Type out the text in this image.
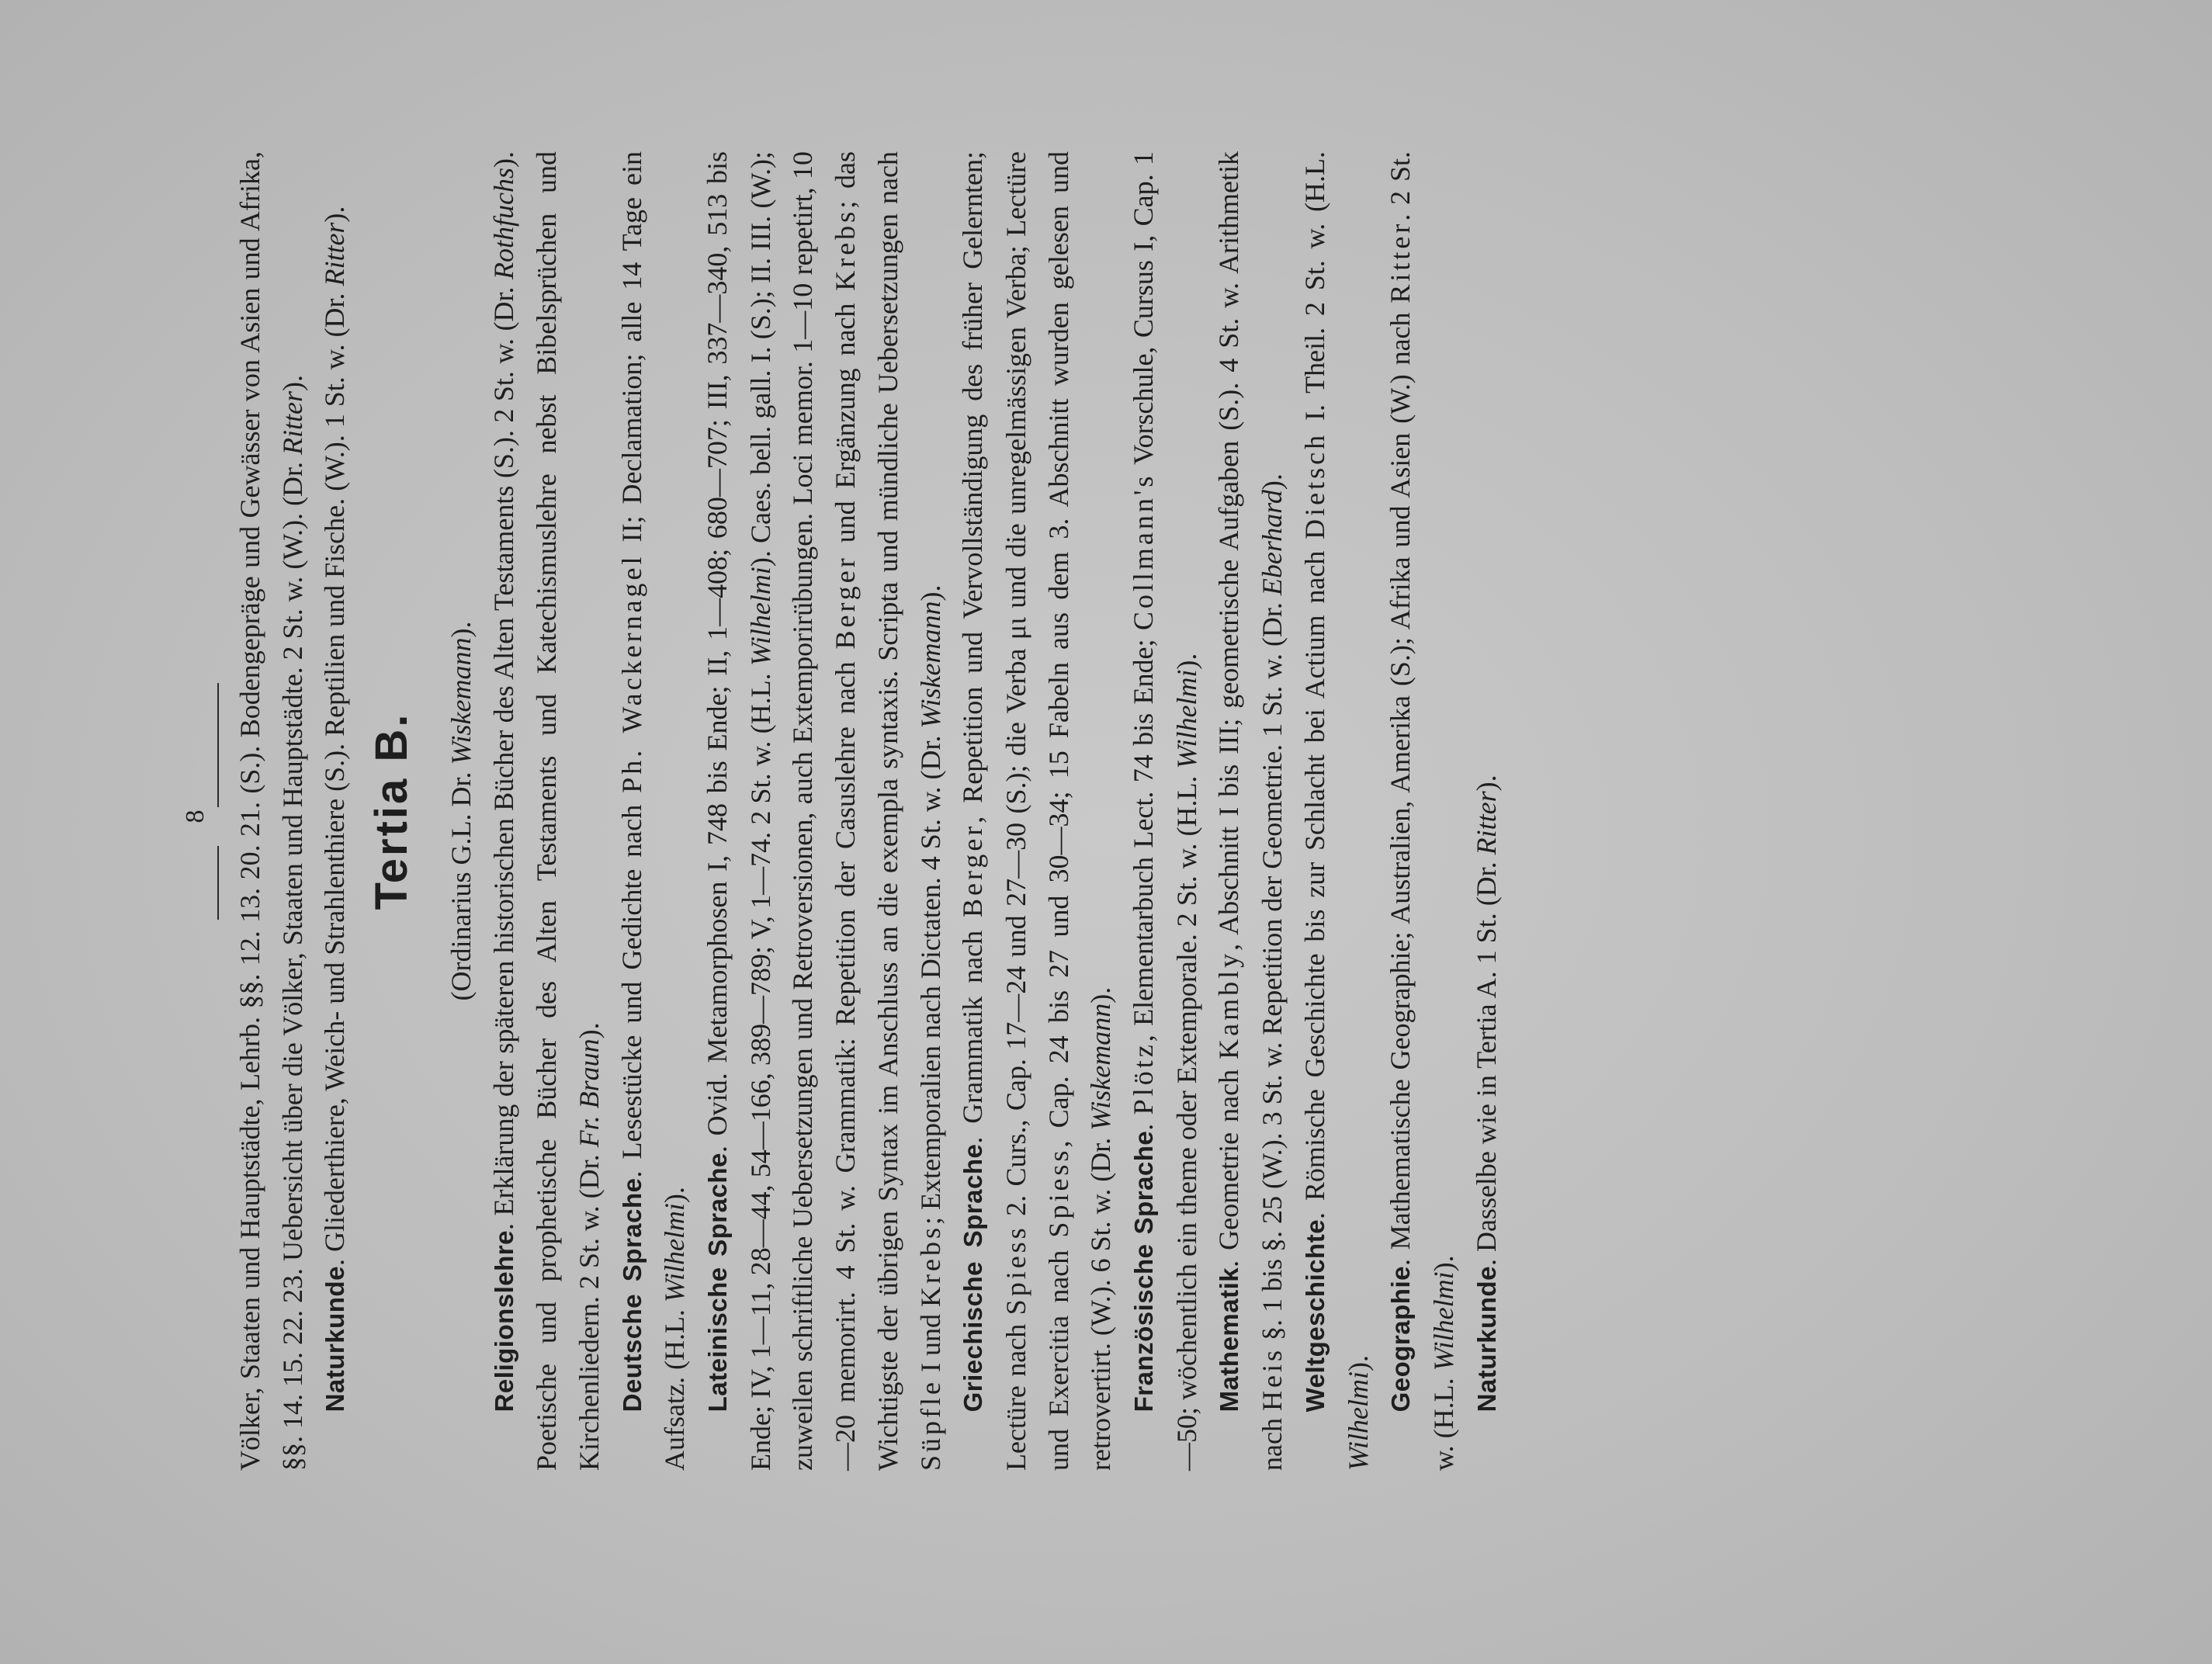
8 Völker, Staaten und Hauptstädte, Lehrb. §§. 12. 13. 20. 21. (S.). Bodengepräge und Gewässer von Asien und Afrika, §§. 14. 15. 22. 23. Uebersicht über die Völker, Staaten und Hauptstädte. 2 St. w. (W.). (Dr. Ritter).

Naturkunde. Gliederthiere, Weich- und Strahlenthiere (S.). Reptilien und Fische. (W.). 1 St. w. (Dr. Ritter).

Tertia B.	(Ordinarius G.L. Dr. Wiskemann).

Religionslehre. Erklärung der späteren historischen Bücher des Alten Testaments (S.). 2 St. w. (Dr. Rothfuchs). Poetische und prophetische Bücher des Alten Testaments und Katechismuslehre nebst Bibelsprüchen und Kirchenliedern. 2 St. w. (Dr. Fr. Braun).

Deutsche Sprache. Lesestücke und Gedichte nach Ph. Wackernagel II; Declamation; alle 14 Tage ein Aufsatz. (H.L. Wilhelmi). Lateinische Sprache. Ovid. Metamorphosen I, 748 bis Ende; II, 1—408; 680—707; III, 337—340, 513 bis Ende; IV, 1—11, 28—44, 54—166, 389—789; V, 1—74. 2 St. w. (H.L. Wilhelmi). Caes. bell. gall. I. (S.); II. III. (W.); zuweilen schriftliche Uebersetzungen und Retroversionen, auch Extemporirübungen. Loci memor. 1—10 repetirt, 10—20 memorirt. 4 St. w. Grammatik: Repetition der Casuslehre nach Berger und Ergänzung nach Krebs; das Wichtigste der übrigen Syntax im Anschluss an die exempla syntaxis. Scripta und mündliche Uebersetzungen nach Süpfle I und Krebs; Extemporalien nach Dictaten. 4 St. w. (Dr. Wiskemann).

Griechische Sprache. Grammatik nach Berger, Repetition und Vervollständigung des früher Gelernten; Lectüre nach Spiess 2. Curs., Cap. 17—24 und 27—30 (S.); die Verba μι und die unregelmässigen Verba; Lectüre und Exercitia nach Spiess, Cap. 24 bis 27 und 30—34; 15 Fabeln aus dem 3. Abschnitt wurden gelesen und retrovertirt. (W.). 6 St. w. (Dr. Wiskemann).

Französische Sprache. Plötz, Elementarbuch Lect. 74 bis Ende; Collmann's Vorschule, Cursus I, Cap. 1—50; wöchentlich ein theme oder Extemporale. 2 St. w. (H.L. Wilhelmi).

Mathematik. Geometrie nach Kambly, Abschnitt I bis III; geometrische Aufgaben (S.). 4 St. w. Arithmetik nach Heis §. 1 bis §. 25 (W.). 3 St. w. Repetition der Geometrie. 1 St. w. (Dr. Eberhard).

Weltgeschichte. Römische Geschichte bis zur Schlacht bei Actium nach Dietsch I. Theil. 2 St. w. (H.L. Wilhelmi). Geographie. Mathematische Geographie; Australien, Amerika (S.); Afrika und Asien (W.) nach Ritter. 2 St. w. (H.L. Wilhelmi).

Naturkunde. Dasselbe wie in Tertia A. 1 St. (Dr. Ritter).
